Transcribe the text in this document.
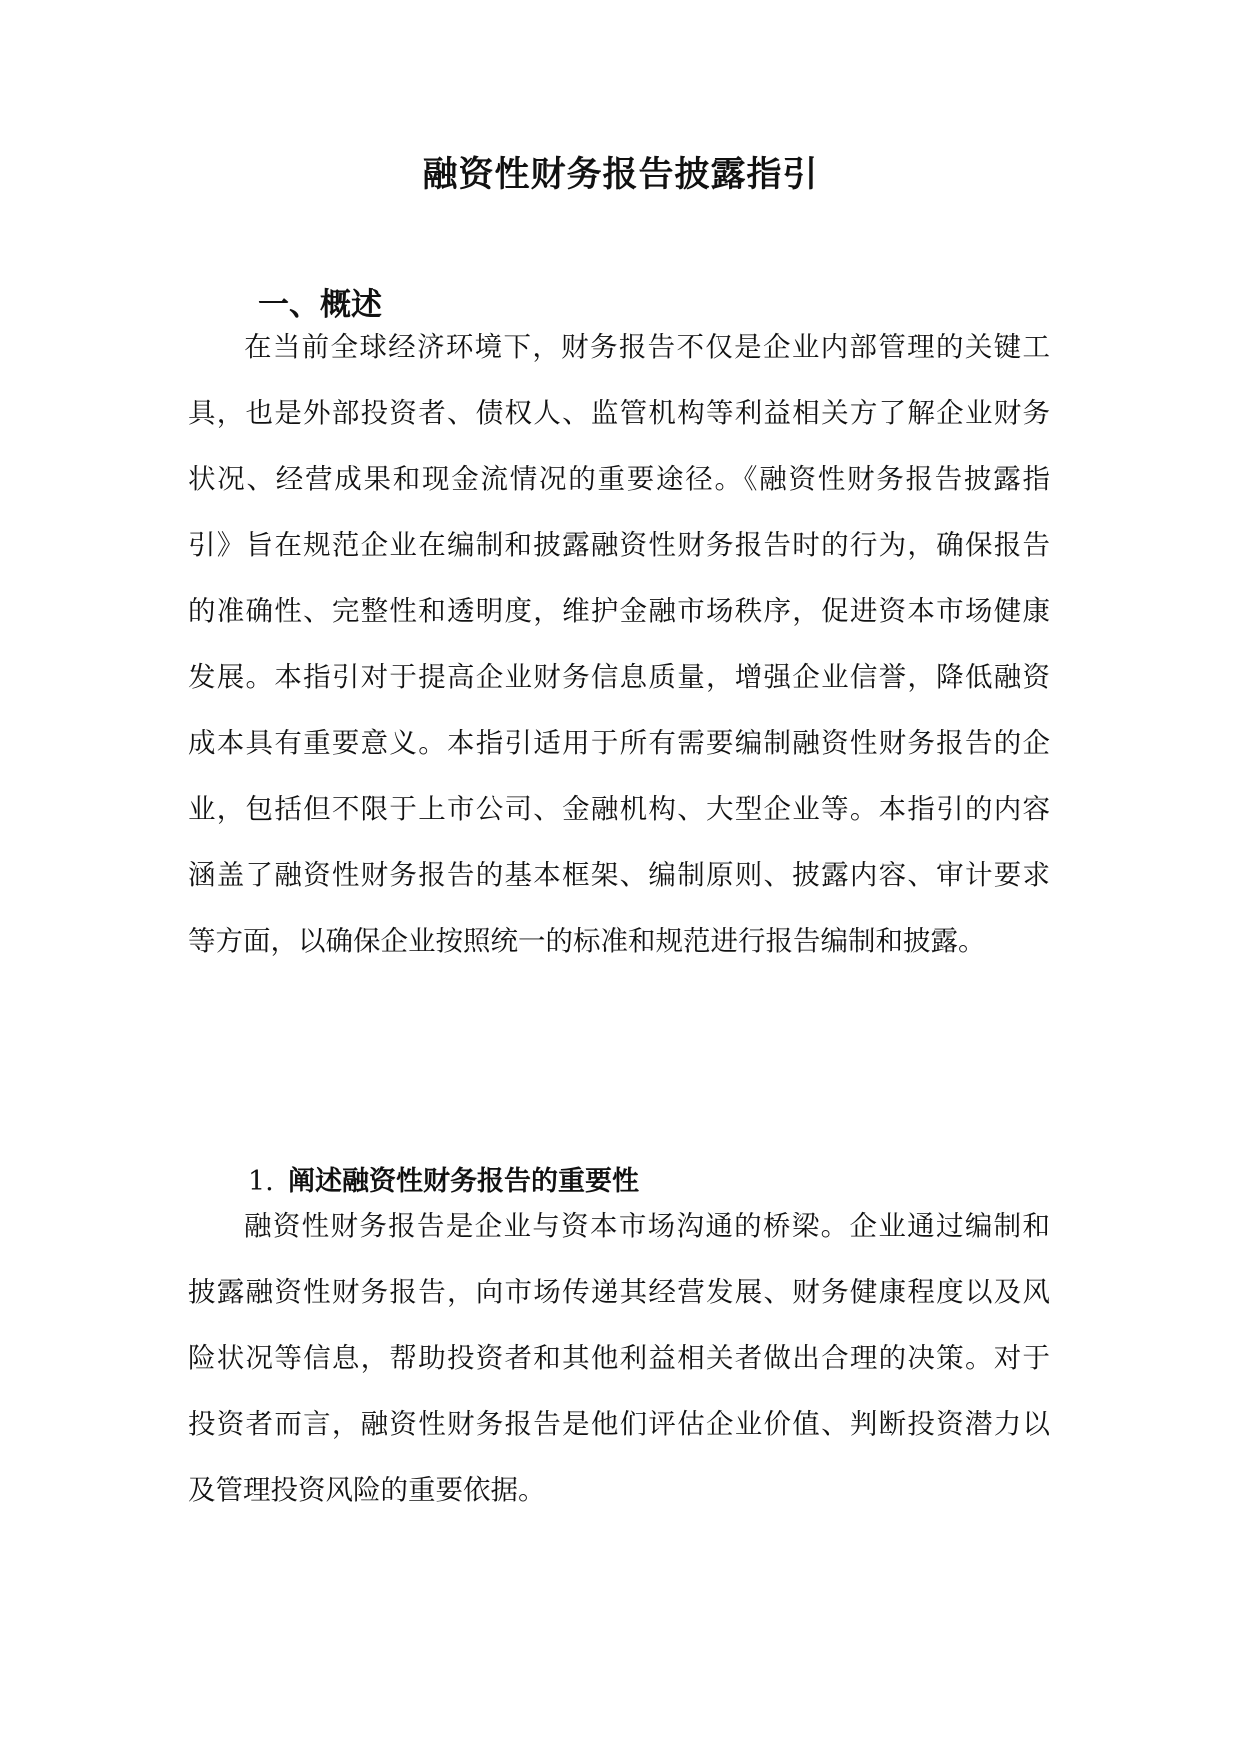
融资性财务报告披露指引
一、概述

在当前全球经济环境下，财务报告不仅是企业内部管理的关键工

具，也是外部投资者、债权人、监管机构等利益相关方了解企业财务

状况、经营成果和现金流情况的重要途径。《融资性财务报告披露指

引》旨在规范企业在编制和披露融资性财务报告时的行为，确保报告

的准确性、完整性和透明度，维护金融市场秩序，促进资本市场健康

发展。本指引对于提高企业财务信息质量，增强企业信誉，降低融资

成本具有重要意义。本指引适用于所有需要编制融资性财务报告的企

业，包括但不限于上市公司、金融机构、大型企业等。本指引的内容

涵盖了融资性财务报告的基本框架、编制原则、披露内容、审计要求

等方面，以确保企业按照统一的标准和规范进行报告编制和披露。

1. 阐述融资性财务报告的重要性

融资性财务报告是企业与资本市场沟通的桥梁。企业通过编制和

披露融资性财务报告，向市场传递其经营发展、财务健康程度以及风

险状况等信息，帮助投资者和其他利益相关者做出合理的决策。对于

投资者而言，融资性财务报告是他们评估企业价值、判断投资潜力以

及管理投资风险的重要依据。
